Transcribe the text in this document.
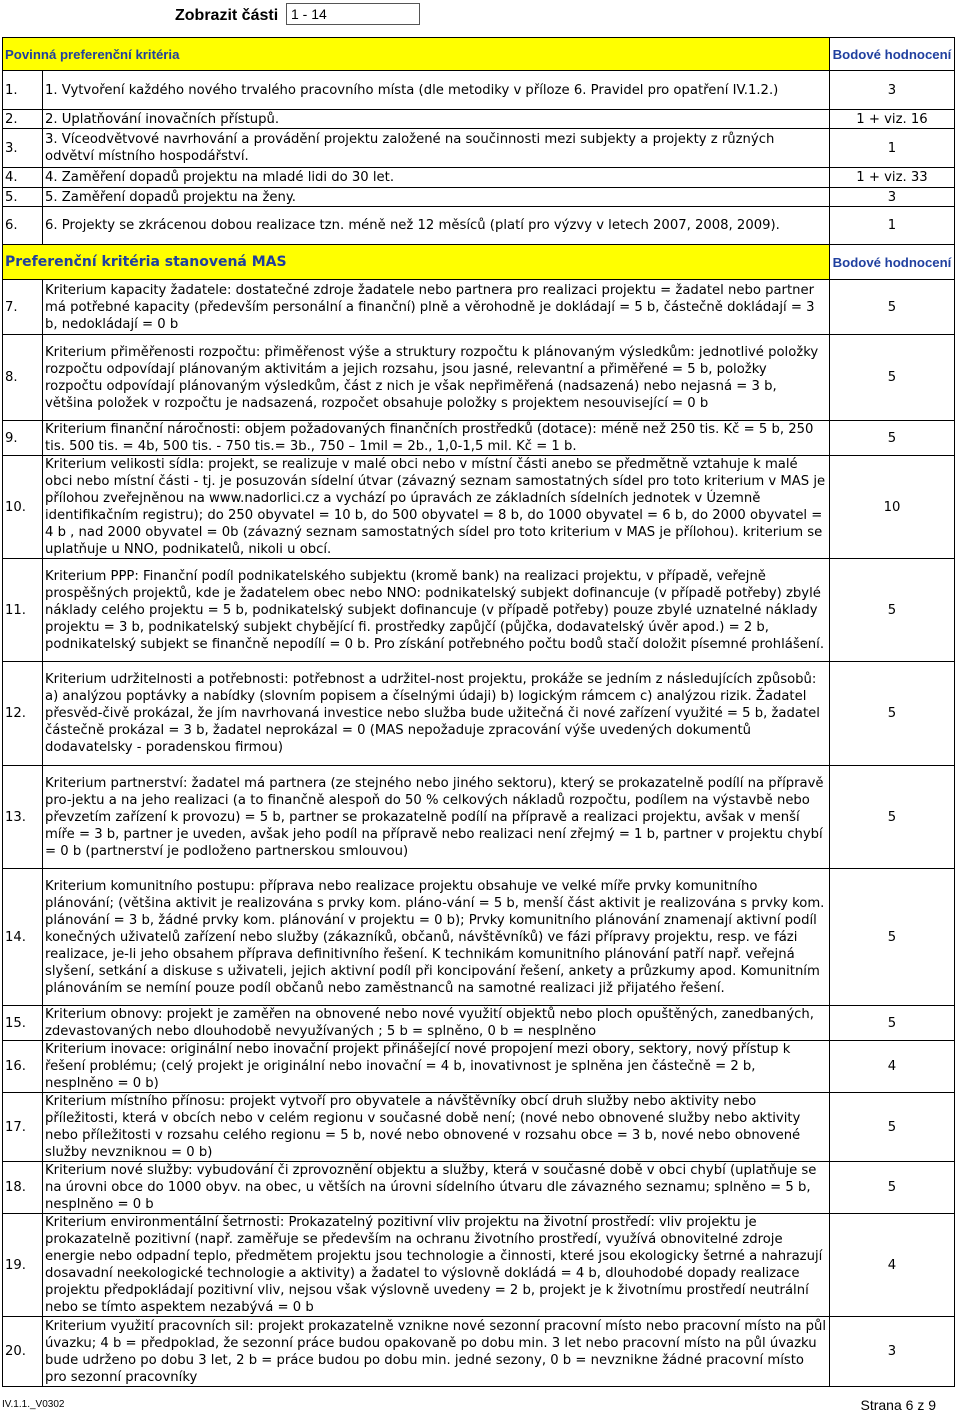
Zobrazit části 1 - 14
Povinná preferenční kritéria		Bodové hodnocení
1.	1. Vytvoření každého nového trvalého pracovního místa (dle metodiky v příloze 6. Pravidel pro opatření IV.1.2.)	3
2.	2. Uplatňování inovačních přístupů.	1 + viz. 16
3.	3. Víceodvětvové navrhování a provádění projektu založené na součinnosti mezi subjekty a projekty z různých odvětví místního hospodářství.	1
4.	4. Zaměření dopadů projektu na mladé lidi do 30 let.	1 + viz. 33
5.	5. Zaměření dopadů projektu na ženy.	3
6.	6. Projekty se zkrácenou dobou realizace tzn. méně než 12 měsíců (platí pro výzvy v letech 2007, 2008, 2009).	1
Preferenční kritéria stanovená MAS		Bodové hodnocení
7.	Kriterium kapacity žadatele: dostatečné zdroje žadatele nebo partnera pro realizaci projektu = žadatel nebo partner má potřebné kapacity (především personální a finanční) plně a věrohodně je dokládají = 5 b, částečně dokládají = 3 b, nedokládají = 0 b	5
8.	Kriterium přiměřenosti rozpočtu: přiměřenost výše a struktury rozpočtu k plánovaným výsledkům: jednotlivé položky rozpočtu odpovídají plánovaným aktivitám a jejich rozsahu, jsou jasné, relevantní a přiměřené = 5 b, položky rozpočtu odpovídají plánovaným výsledkům, část z nich je však nepřiměřená (nadsazená) nebo nejasná = 3 b, většina položek v rozpočtu je nadsazená, rozpočet obsahuje položky s projektem nesouvisející = 0 b	5
9.	Kriterium finanční náročnosti: objem požadovaných finančních prostředků (dotace): méně než 250 tis. Kč = 5 b, 250 tis. 500 tis. = 4b, 500 tis. - 750 tis.= 3b., 750 – 1mil = 2b., 1,0-1,5 mil. Kč = 1 b.	5
10.	Kriterium velikosti sídla: projekt, se realizuje v malé obci nebo v místní části anebo se předmětně vztahuje k malé obci nebo místní části - tj. je posuzován sídelní útvar (závazný seznam samostatných sídel pro toto kriterium v MAS je přílohou zveřejněnou na www.nadorlici.cz a vychází po úpravách ze základních sídelních jednotek v Územně identifikačním registru); do 250 obyvatel = 10 b, do 500 obyvatel = 8 b, do 1000 obyvatel = 6 b, do 2000 obyvatel = 4 b , nad 2000 obyvatel = 0b (závazný seznam samostatných sídel pro toto kriterium v MAS je přílohou). kriterium se uplatňuje u NNO, podnikatelů, nikoli u obcí.	10
11.	Kriterium PPP: Finanční podíl podnikatelského subjektu (kromě bank) na realizaci projektu, v případě, veřejně prospěšných projektů, kde je žadatelem obec nebo NNO: podnikatelský subjekt dofinancuje (v případě potřeby) zbylé náklady celého projektu = 5 b, podnikatelský subjekt dofinancuje (v případě potřeby) pouze zbylé uznatelné náklady projektu = 3 b, podnikatelský subjekt chybějící fi. prostředky zapůjčí (půjčka, dodavatelský úvěr apod.) = 2 b, podnikatelský subjekt se finančně nepodílí = 0 b. Pro získání potřebného počtu bodů stačí doložit písemné prohlášení.	5
12.	Kriterium udržitelnosti a potřebnosti: potřebnost a udržitel-nost projektu, prokáže se jedním z následujících způsobů: a) analýzou poptávky a nabídky (slovním popisem a číselnými údaji) b) logickým rámcem c) analýzou rizik. Žadatel přesvěd-čivě prokázal, že jím navrhovaná investice nebo služba bude užitečná či nové zařízení využité = 5 b, žadatel částečně prokázal = 3 b, žadatel neprokázal = 0 (MAS nepožaduje zpracování výše uvedených dokumentů dodavatelsky - poradenskou firmou)	5
13.	Kriterium partnerství: žadatel má partnera (ze stejného nebo jiného sektoru), který se prokazatelně podílí na přípravě pro-jektu a na jeho realizaci (a to finančně alespoň do 50 % celkových nákladů rozpočtu, podílem na výstavbě nebo převzetím zařízení k provozu) = 5 b, partner se prokazatelně podílí na přípravě a realizaci projektu, avšak v menší míře = 3 b, partner je uveden, avšak jeho podíl na přípravě nebo realizaci není zřejmý = 1 b, partner v projektu chybí = 0 b (partnerství je podloženo partnerskou smlouvou)	5
14.	Kriterium komunitního postupu: příprava nebo realizace projektu obsahuje ve velké míře prvky komunitního plánování; (většina aktivit je realizována s prvky kom. pláno-vání = 5 b, menší část aktivit je realizována s prvky kom. plánování = 3 b, žádné prvky kom. plánování v projektu = 0 b); Prvky komunitního plánování znamenají aktivní podíl konečných uživatelů zařízení nebo služby (zákazníků, občanů, návštěvníků) ve fázi přípravy projektu, resp. ve fázi realizace, je-li jeho obsahem příprava definitivního řešení. K technikám komunitního plánování patří např. veřejná slyšení, setkání a diskuse s uživateli, jejich aktivní podíl při koncipování řešení, ankety a průzkumy apod. Komunitním plánováním se nemíní pouze podíl občanů nebo zaměstnanců na samotné realizaci již přijatého řešení.	5
15.	Kriterium obnovy: projekt je zaměřen na obnovené nebo nové využití objektů nebo ploch opuštěných, zanedbaných, zdevastovaných nebo dlouhodobě nevyužívaných ; 5 b = splněno, 0 b = nesplněno	5
16.	Kriterium inovace: originální nebo inovační projekt přinášející nové propojení mezi obory, sektory, nový přístup k řešení problému; (celý projekt je originální nebo inovační = 4 b, inovativnost je splněna jen částečně = 2 b, nesplněno = 0 b)	4
17.	Kriterium místního přínosu: projekt vytvoří pro obyvatele a návštěvníky obcí druh služby nebo aktivity nebo příležitosti, která v obcích nebo v celém regionu v současné době není; (nové nebo obnovené služby nebo aktivity nebo příležitosti v rozsahu celého regionu = 5 b, nové nebo obnovené v rozsahu obce = 3 b, nové nebo obnovené služby nevzniknou = 0 b)	5
18.	Kriterium nové služby: vybudování či zprovoznění objektu a služby, která v současné době v obci chybí (uplatňuje se na úrovni obce do 1000 obyv. na obec, u větších na úrovni sídelního útvaru dle závazného seznamu; splněno = 5 b, nesplněno = 0 b	5
19.	Kriterium environmentální šetrnosti: Prokazatelný pozitivní vliv projektu na životní prostředí: vliv projektu je prokazatelně pozitivní (např. zaměřuje se především na ochranu životního prostředí, využívá obnovitelné zdroje energie nebo odpadní teplo, předmětem projektu jsou technologie a činnosti, které jsou ekologicky šetrné a nahrazují dosavadní neekologické technologie a aktivity) a žadatel to výslovně dokládá = 4 b, dlouhodobé dopady realizace projektu předpokládají pozitivní vliv, nejsou však výslovně uvedeny = 2 b, projekt je k životnímu prostředí neutrální nebo se tímto aspektem nezabývá = 0 b	4
20.	Kriterium využití pracovních sil: projekt prokazatelně vznikne nové sezonní pracovní místo nebo pracovní místo na půl úvazku; 4 b = předpoklad, že sezonní práce budou opakovaně po dobu min. 3 let nebo pracovní místo na půl úvazku bude udrženo po dobu 3 let, 2 b = práce budou po dobu min. jedné sezony, 0 b = nevzniknе žádné pracovní místo pro sezonní pracovníky	3
IV.1.1._V0302	Strana 6 z 9
